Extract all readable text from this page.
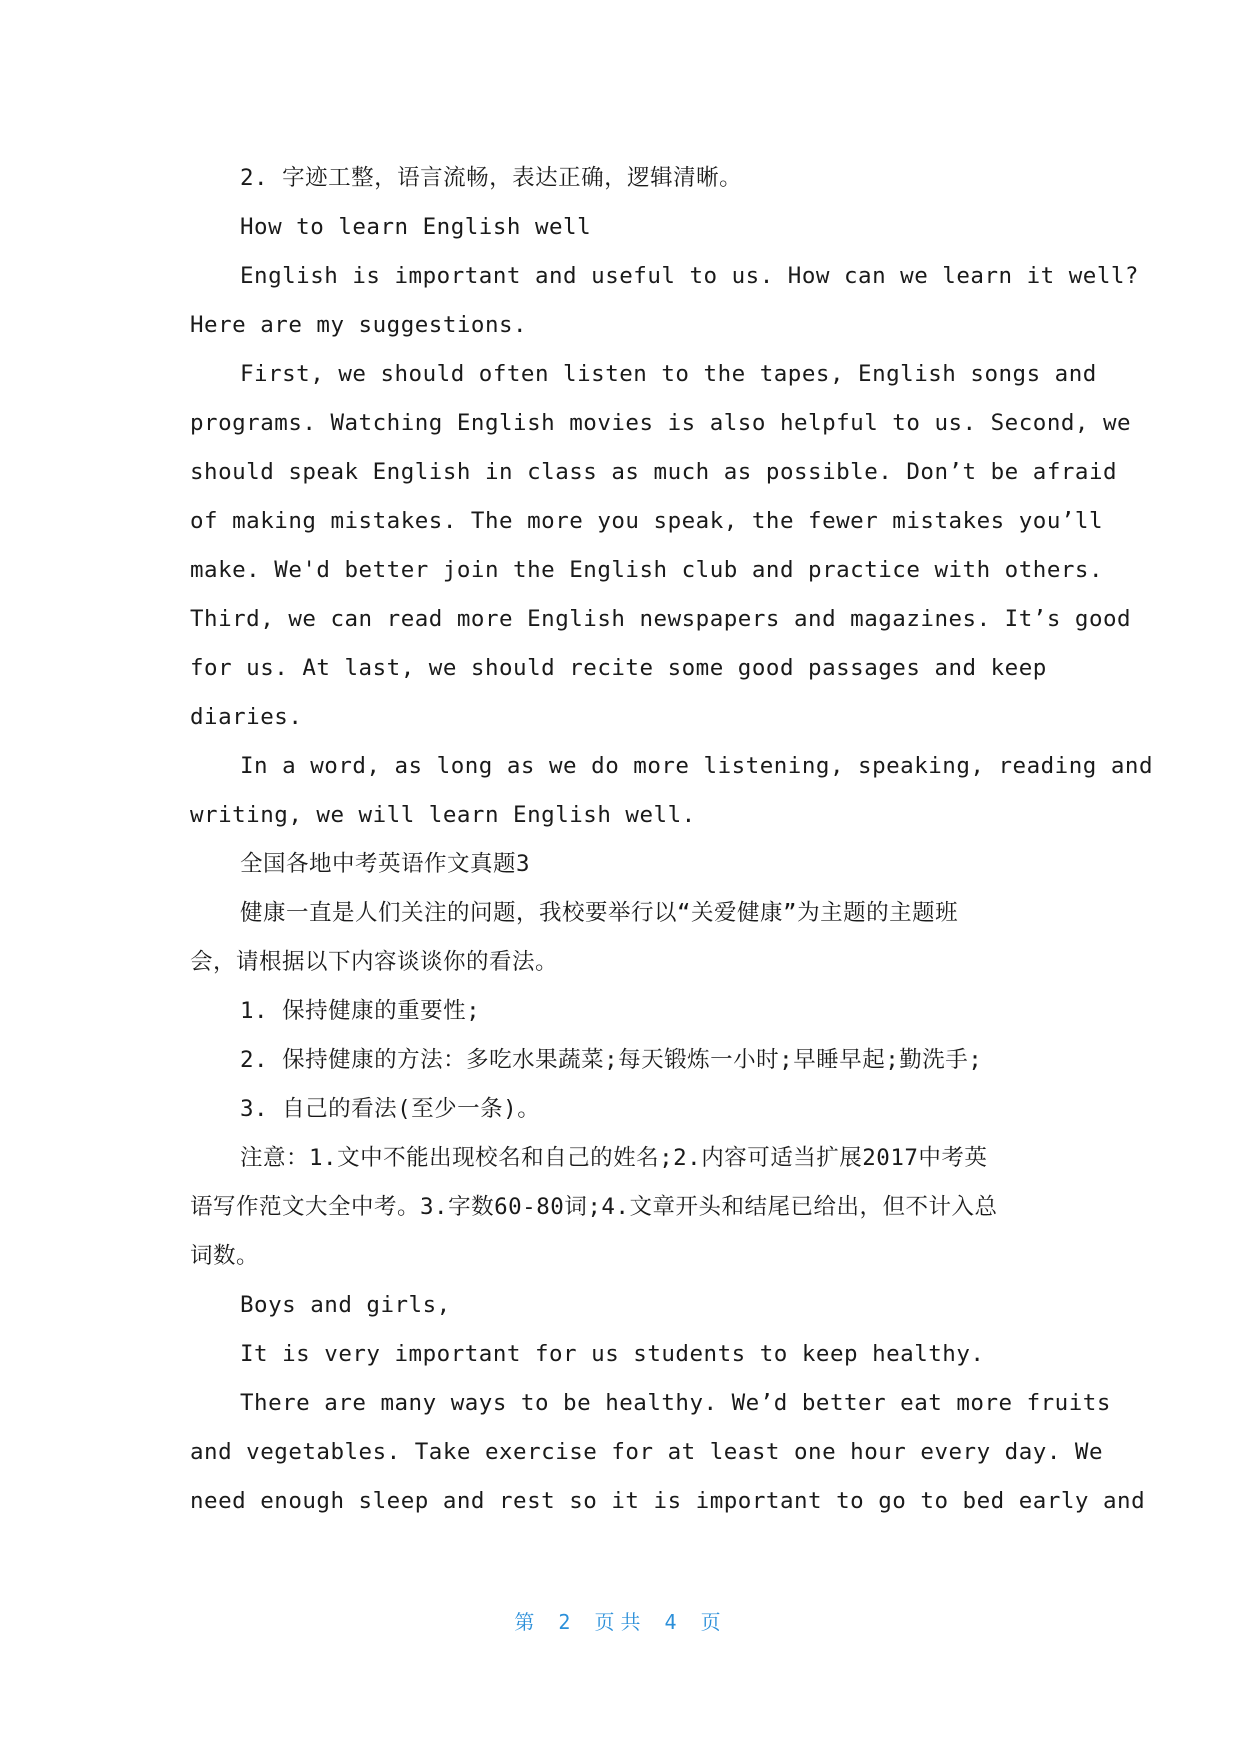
2. 字迹工整，语言流畅，表达正确，逻辑清晰。
How to learn English well
English is important and useful to us. How can we learn it well?
Here are my suggestions.
First, we should often listen to the tapes, English songs and
programs. Watching English movies is also helpful to us. Second, we
should speak English in class as much as possible. Don’t be afraid
of making mistakes. The more you speak, the fewer mistakes you’ll
make. We'd better join the English club and practice with others.
Third, we can read more English newspapers and magazines. It’s good
for us. At last, we should recite some good passages and keep
diaries.
In a word, as long as we do more listening, speaking, reading and
writing, we will learn English well.
全国各地中考英语作文真题3
健康一直是人们关注的问题，我校要举行以“关爱健康”为主题的主题班
会，请根据以下内容谈谈你的看法。
1. 保持健康的重要性;
2. 保持健康的方法：多吃水果蔬菜;每天锻炼一小时;早睡早起;勤洗手;
3. 自己的看法(至少一条)。
注意：1.文中不能出现校名和自己的姓名;2.内容可适当扩展2017中考英
语写作范文大全中考。3.字数60-80词;4.文章开头和结尾已给出，但不计入总
词数。
Boys and girls,
It is very important for us students to keep healthy.
There are many ways to be healthy. We’d better eat more fruits
and vegetables. Take exercise for at least one hour every day. We
need enough sleep and rest so it is important to go to bed early and
第 2 页共 4 页
